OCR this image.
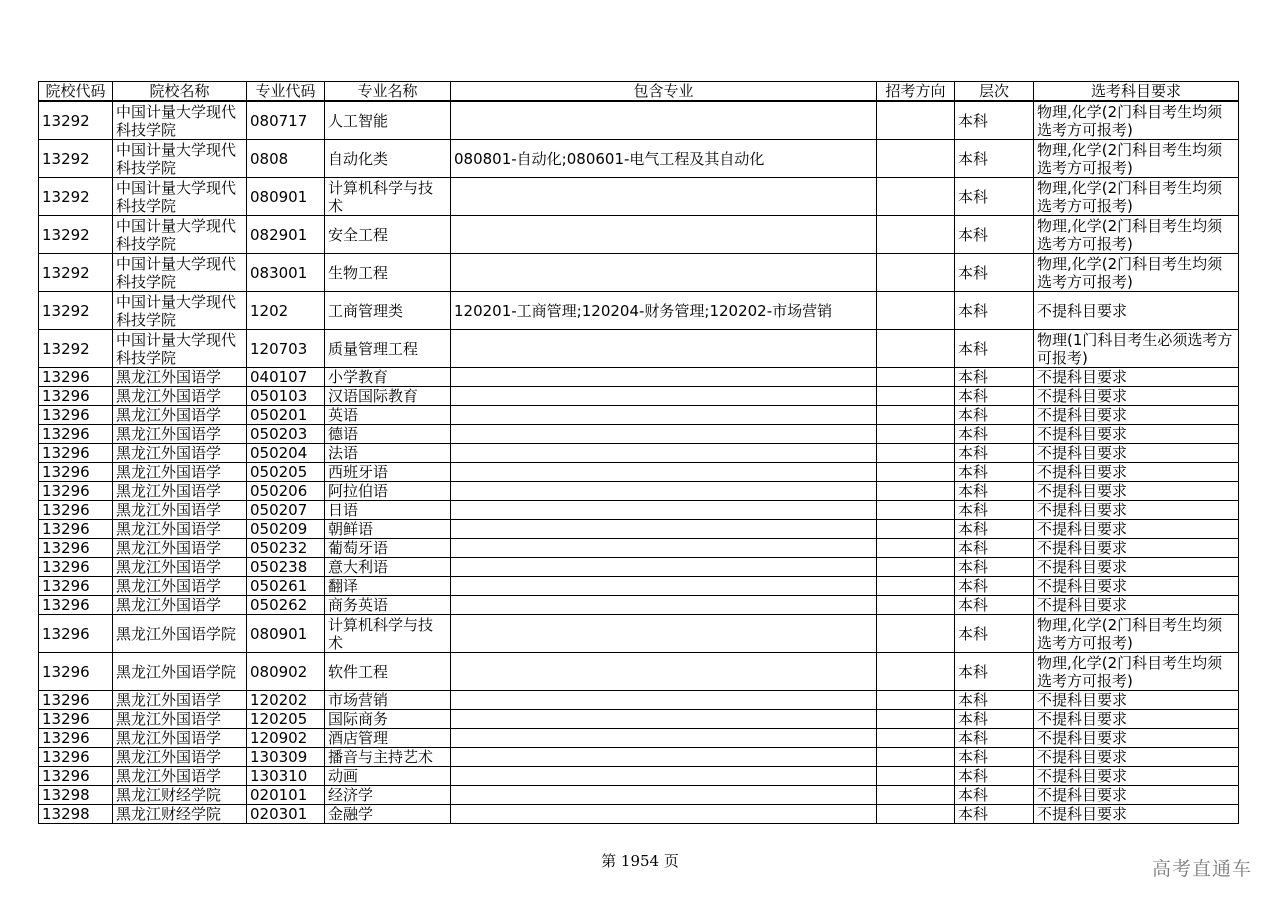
院校代码	院校名称	专业代码	专业名称	包含专业	招考方向	层次	选考科目要求
13292	中国计量大学现代科技学院	080717	人工智能			本科	物理,化学(2门科目考生均须选考方可报考)
13292	中国计量大学现代科技学院	0808	自动化类	080801-自动化;080601-电气工程及其自动化		本科	物理,化学(2门科目考生均须选考方可报考)
13292	中国计量大学现代科技学院	080901	计算机科学与技术			本科	物理,化学(2门科目考生均须选考方可报考)
13292	中国计量大学现代科技学院	082901	安全工程			本科	物理,化学(2门科目考生均须选考方可报考)
13292	中国计量大学现代科技学院	083001	生物工程			本科	物理,化学(2门科目考生均须选考方可报考)
13292	中国计量大学现代科技学院	1202	工商管理类	120201-工商管理;120204-财务管理;120202-市场营销		本科	不提科目要求
13292	中国计量大学现代科技学院	120703	质量管理工程			本科	物理(1门科目考生必须选考方可报考)
13296	黑龙江外国语学	040107	小学教育			本科	不提科目要求
13296	黑龙江外国语学	050103	汉语国际教育			本科	不提科目要求
13296	黑龙江外国语学	050201	英语			本科	不提科目要求
13296	黑龙江外国语学	050203	德语			本科	不提科目要求
13296	黑龙江外国语学	050204	法语			本科	不提科目要求
13296	黑龙江外国语学	050205	西班牙语			本科	不提科目要求
13296	黑龙江外国语学	050206	阿拉伯语			本科	不提科目要求
13296	黑龙江外国语学	050207	日语			本科	不提科目要求
13296	黑龙江外国语学	050209	朝鲜语			本科	不提科目要求
13296	黑龙江外国语学	050232	葡萄牙语			本科	不提科目要求
13296	黑龙江外国语学	050238	意大利语			本科	不提科目要求
13296	黑龙江外国语学	050261	翻译			本科	不提科目要求
13296	黑龙江外国语学	050262	商务英语			本科	不提科目要求
13296	黑龙江外国语学院	080901	计算机科学与技术			本科	物理,化学(2门科目考生均须选考方可报考)
13296	黑龙江外国语学院	080902	软件工程			本科	物理,化学(2门科目考生均须选考方可报考)
13296	黑龙江外国语学	120202	市场营销			本科	不提科目要求
13296	黑龙江外国语学	120205	国际商务			本科	不提科目要求
13296	黑龙江外国语学	120902	酒店管理			本科	不提科目要求
13296	黑龙江外国语学	130309	播音与主持艺术			本科	不提科目要求
13296	黑龙江外国语学	130310	动画			本科	不提科目要求
13298	黑龙江财经学院	020101	经济学			本科	不提科目要求
13298	黑龙江财经学院	020301	金融学			本科	不提科目要求
第 1954 页	高考直通车
